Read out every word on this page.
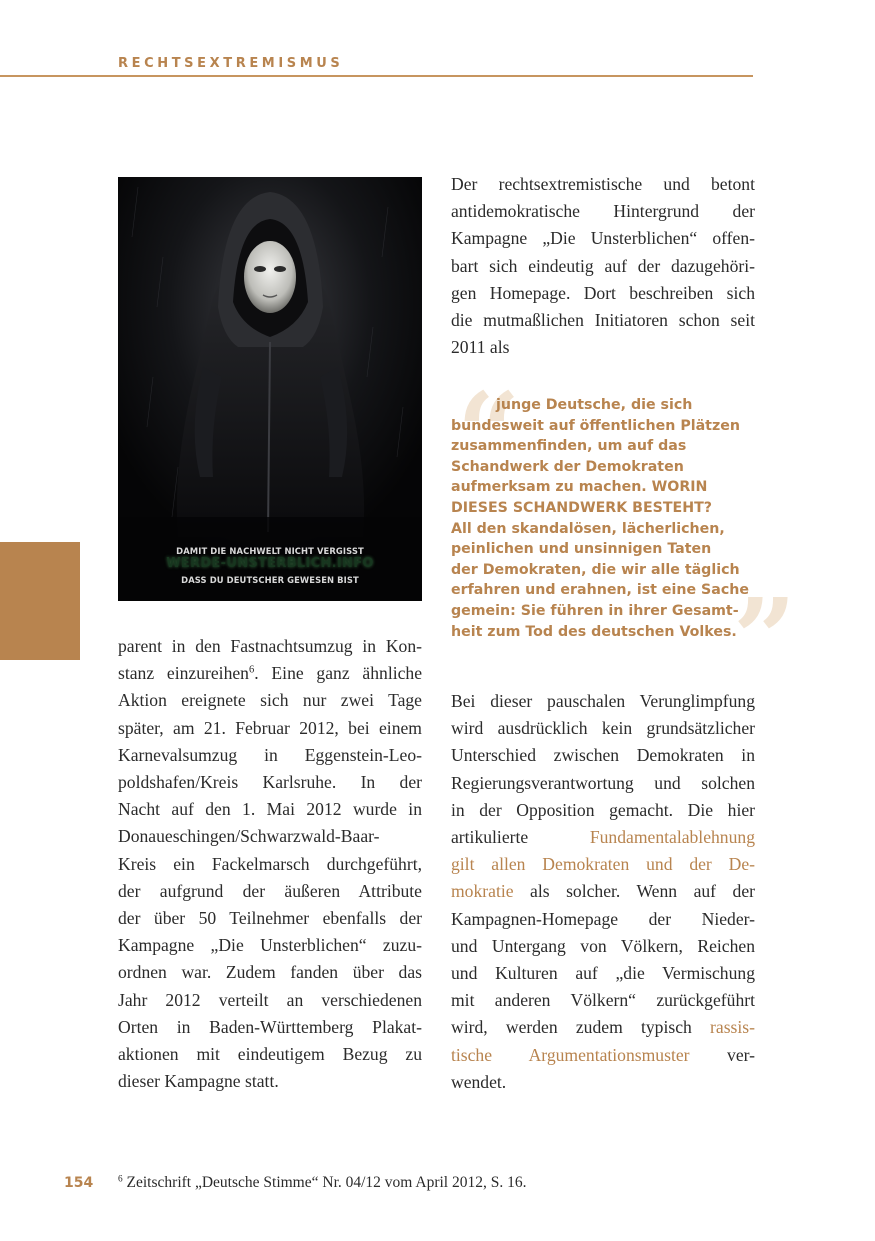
RECHTSEXTREMISMUS

DAMIT DIE NACHWELT NICHT VERGISST

WERDE-UNSTERBLICH.INFO

DASS DU DEUTSCHER GEWESEN BIST

Der rechtsextremistische und betont
antidemokratische Hintergrund der
Kampagne „Die Unsterblichen“ offen-
bart sich eindeutig auf der dazugehöri-
gen Homepage. Dort beschreiben sich
die mutmaßlichen Initiatoren schon seit
2011 als

“

junge Deutsche, die sich
bundesweit auf öffentlichen Plätzen
zusammenfinden, um auf das
Schandwerk der Demokraten
aufmerksam zu machen. WORIN
DIESES SCHANDWERK BESTEHT?
All den skandalösen, lächerlichen,
peinlichen und unsinnigen Taten
der Demokraten, die wir alle täglich
erfahren und erahnen, ist eine Sache
gemein: Sie führen in ihrer Gesamt-
heit zum Tod des deutschen Volkes.

”

parent in den Fastnachtsumzug in Kon-
stanz einzureihen$^6$. Eine ganz ähnliche
Aktion ereignete sich nur zwei Tage
später, am 21. Februar 2012, bei einem
Karnevalsumzug in Eggenstein-Leo-
poldshafen/Kreis Karlsruhe. In der
Nacht auf den 1. Mai 2012 wurde in
Donaueschingen/Schwarzwald-Baar-
Kreis ein Fackelmarsch durchgeführt,
der aufgrund der äußeren Attribute
der über 50 Teilnehmer ebenfalls der
Kampagne „Die Unsterblichen“ zuzu-
ordnen war. Zudem fanden über das
Jahr 2012 verteilt an verschiedenen
Orten in Baden-Württemberg Plakat-
aktionen mit eindeutigem Bezug zu
dieser Kampagne statt.

Bei dieser pauschalen Verunglimpfung
wird ausdrücklich kein grundsätzlicher
Unterschied zwischen Demokraten in
Regierungsverantwortung und solchen
in der Opposition gemacht. Die hier
artikulierte Fundamentalablehnung
gilt allen Demokraten und der De-
mokratie als solcher. Wenn auf der
Kampagnen-Homepage der Nieder-
und Untergang von Völkern, Reichen
und Kulturen auf „die Vermischung
mit anderen Völkern“ zurückgeführt
wird, werden zudem typisch rassis-
tische Argumentationsmuster ver-
wendet.

154	$^6$ Zeitschrift „Deutsche Stimme“ Nr. 04/12 vom April 2012, S. 16.
